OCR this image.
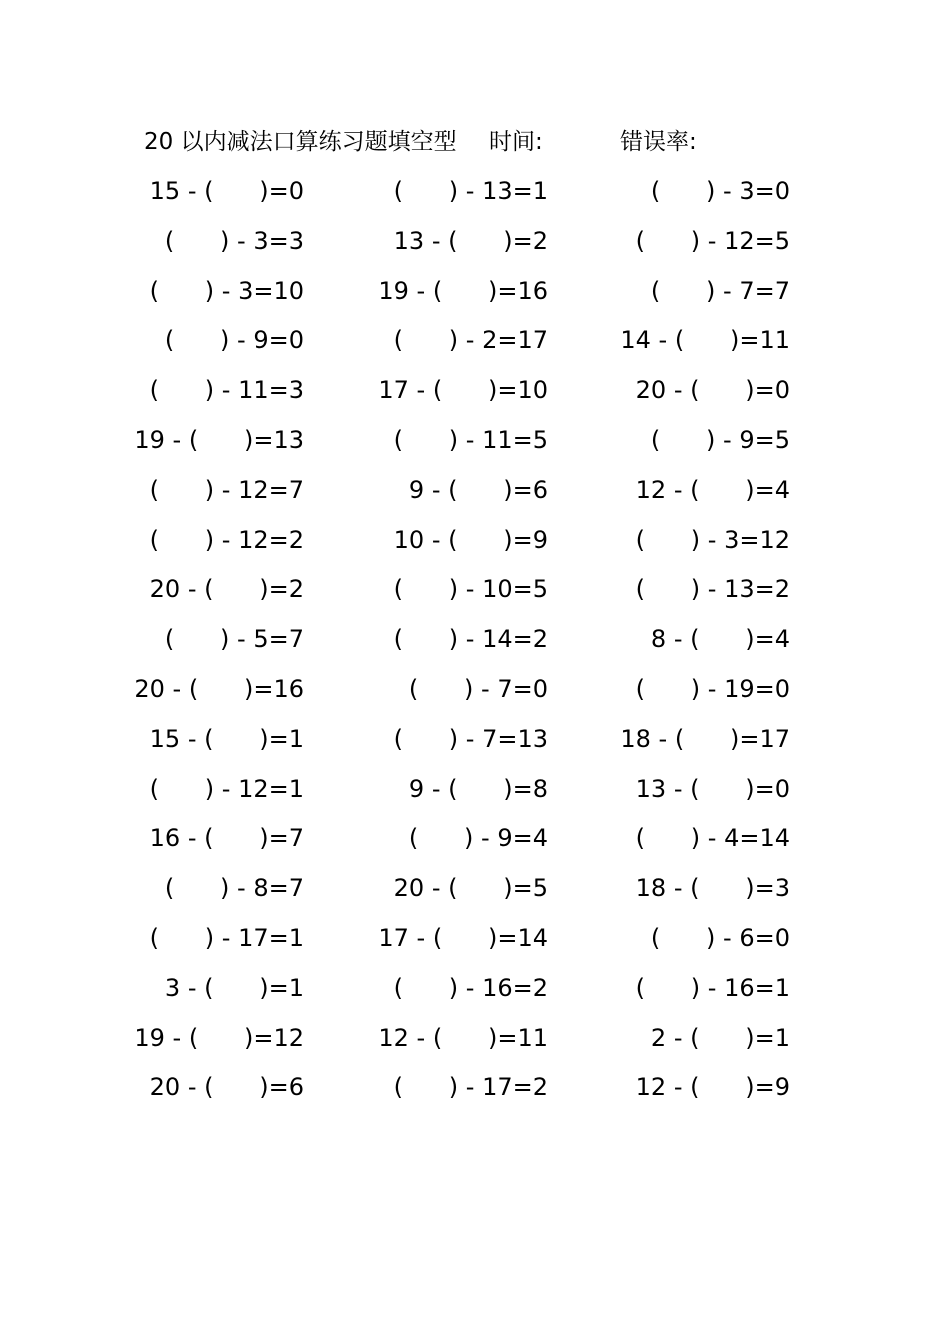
20 以内减法口算练习题填空型 时间:	错误率:
15 - (      )=0	(      ) - 13=1	(      ) - 3=0
(      ) - 3=3	13 - (      )=2	(      ) - 12=5
(      ) - 3=10	19 - (      )=16	(      ) - 7=7
(      ) - 9=0	(      ) - 2=17	14 - (      )=11
(      ) - 11=3	17 - (      )=10	20 - (      )=0
19 - (      )=13	(      ) - 11=5	(      ) - 9=5
(      ) - 12=7	9 - (      )=6	12 - (      )=4
(      ) - 12=2	10 - (      )=9	(      ) - 3=12
20 - (      )=2	(      ) - 10=5	(      ) - 13=2
(      ) - 5=7	(      ) - 14=2	8 - (      )=4
20 - (      )=16	(      ) - 7=0	(      ) - 19=0
15 - (      )=1	(      ) - 7=13	18 - (      )=17
(      ) - 12=1	9 - (      )=8	13 - (      )=0
16 - (      )=7	(      ) - 9=4	(      ) - 4=14
(      ) - 8=7	20 - (      )=5	18 - (      )=3
(      ) - 17=1	17 - (      )=14	(      ) - 6=0
3 - (      )=1	(      ) - 16=2	(      ) - 16=1
19 - (      )=12	12 - (      )=11	2 - (      )=1
20 - (      )=6	(      ) - 17=2	12 - (      )=9
